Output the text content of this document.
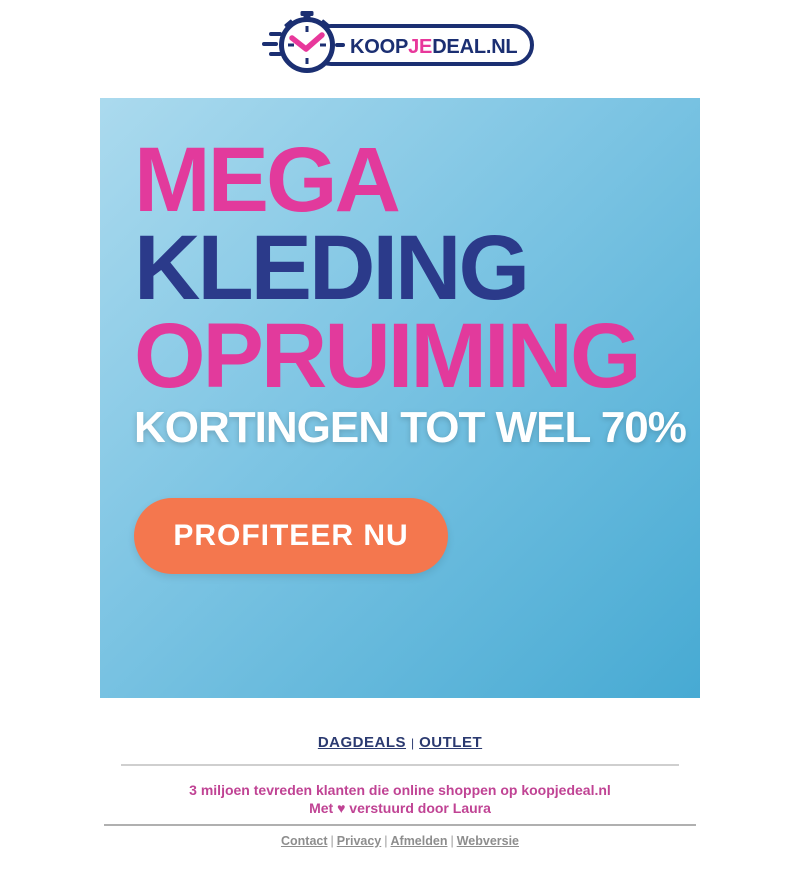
KOOPJEDEAL.NL
MEGA
KLEDING
OPRUIMING
KORTINGEN TOT WEL 70%
PROFITEER NU
DAGDEALS | OUTLET
3 miljoen tevreden klanten die online shoppen op koopjedeal.nl
Met ♥ verstuurd door Laura
Contact | Privacy | Afmelden | Webversie
